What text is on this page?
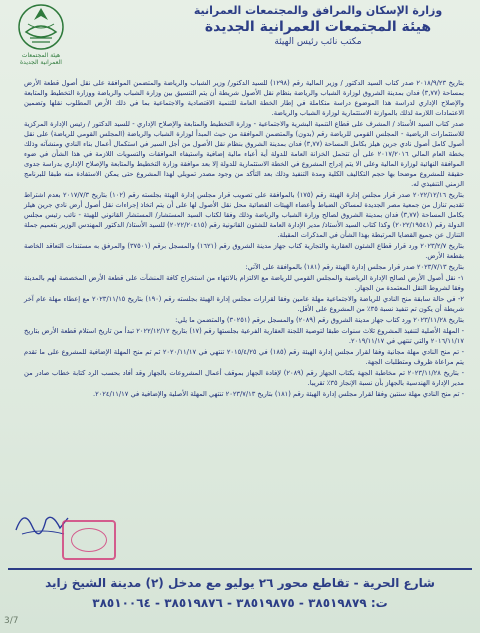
هيئة المجتمعات العمرانية الجديدة
وزارة الإسكان والمرافق والمجتمعات العمرانية
هيئة المجتمعات العمرانية الجديدة
مكتب نائب رئيس الهيئة

بتاريخ ٢٠١٨/٩/٢٣ صدر كتاب السيد الدكتور / وزير المالية رقم (١٢٩٨) للسيد الدكتور/ وزير الشباب والرياضة والمتضمن الموافقة على نقل أصول قطعة الأرض بمساحة (٣,٧٧) فدان بمدينة الشروق لوزارة الشباب والرياضة بنظام نقل الأصول شريطة أن يتم التنسيق بين وزارة الشباب والرياضة ووزارة التخطيط والمتابعة والإصلاح الإداري لدراسة هذا الموضوع دراسة متكاملة في إطار الخطة العامة للتنمية الاقتصادية والاجتماعية بما في ذلك الأرض المطلوب نقلها وتضمين الاعتمادات اللازمة لذلك بالموازنة الاستثمارية لوزارة الشباب والرياضة.

صدر كتاب السيد الأستاذ / المشرف على قطاع التنمية البشرية والاجتماعية - وزارة التخطيط والمتابعة والإصلاح الإداري - للسيد الدكتور / رئيس الإدارة المركزية للاستثمارات الرياضية - المجلس القومي للرياضة رقم (بدون) والمتضمن الموافقة من حيث المبدأ لوزارة الشباب والرياضة (المجلس القومي للرياضة) على نقل أصول كامل أصول نادي جرين هيلز بكامل المساحة (٣,٧٧) فدان بمدينة الشروق بنظام نقل الأصول من أجل السير في استكمال أعمال بناء النادي ومنشآته وذلك بخطة العام المالي ٢٠١٧/٢٠١٦ على أن تتحمل الخزانة العامة للدولة أية أعباء مالية إضافية واستيفاء الموافقات والتسويات اللازمة في هذا الشأن في ضوء الموافقة النهائية لوزارة المالية وعلى الا يتم إدراج المشروع في الخطة الاستثمارية للدولة إلا بعد موافقة وزارة التخطيط والمتابعة والإصلاح الإداري بدراسة جدوى حقيقة للمشروع موضحا بها حجم التكاليف الكلية ومدة التنفيذ وذلك بعد التأكد من وجود مصدر تمويلي لهذا المشروع حتى يمكن الاستفادة منه طبقا للبرنامج الزمني التنفيذي له.

بتاريخ ٢٠٢٢/١٢/١٦ صدر قرار مجلس إدارة الهيئة رقم (١٧٥) بالموافقة على تصويب قرار مجلس إدارة الهيئة بجلسته رقم (١٠٢) بتاريخ ٢٠١٧/٧/٣ بعدم اشتراط تقديم تنازل من جمعية مصر الجديدة لمساكن الضباط وأعضاء الهيئات القضائية محل نقل الأصول لها على أن يتم اتخاذ إجراءات نقل أصول أرض نادي جرين هيلز بكامل المساحة (٣,٧٧) فدان بمدينة الشروق لصالح وزارة الشباب والرياضة وذلك وفقا لكتاب السيد المستشار/ المستشار القانوني للهيئة - نائب رئيس مجلس الدولة رقم (٢٠٢٢/١٩٥٤١) وكذا كتاب السيد الأستاذ/ مدير الإدارة العامة للشئون القانونية رقم (٢٠٢٢/٢٠٤١٥) للسيد الأستاذ/ الدكتور المهندس الوزير بتعميم جملة التنازل عن جميع القضايا المرتبطة بهذا الشأن في المذكرات المقبلة.

بتاريخ ٢٠٢٣/٢/٧ ورد قرار قطاع الشئون العقارية والتجارية كتاب جهاز مدينة الشروق رقم (١٦٢١) والمسجل برقم (٣٧٥٠١) والمرفق به مستندات التعاقد الخاصة بقطعة الأرض.

بتاريخ ٢٠٢٣/٧/١٣ صدر قرار مجلس إدارة الهيئة رقم (١٨١) بالموافقة على الآتي:

١- نقل أصول الأرض لصالح الإدارة الرياضية والمجلس القومي للرياضة مع الالتزام بالانتهاء من استخراج كافة المنشآت على قطعة الأرض المخصصة لهم بالمدينة وفقا لشروط النقل المعتمدة من الجهاز.

٢- في حالة سابقة منح النادي للرياضة والاجتماعية مهلة عامين وفقا لقرارات مجلس إدارة الهيئة بجلسته رقم (١٩٠) بتاريخ ٢٠٢٣/١١/١٥ مع إعطاء مهلة عام آخر شريطة أن يكون تم تنفيذ نسبة ٣٥٪ من المشروع على الأقل.

بتاريخ ٢٠٢٣/١١/٢٨ ورد كتاب جهاز مدينة الشروق رقم (٢٠٨٩) والمسجل برقم (٣٠٢٥١) والمتضمن ما يلي:

- المهلة الأصلية لتنفيذ المشروع ثلاث سنوات طبقا لتوصية اللجنة العقارية الفرعية بجلستها رقم (١٧) بتاريخ ٢٠٢٢/١٢/١٢ تبدأ من تاريخ استلام قطعة الأرض بتاريخ ٢٠١٦/١١/١٧ والتي تنتهي في ٢٠١٩/١١/١٧.

- تم منح النادي مهلة مجانية وفقا لقرار مجلس إدارة الهيئة رقم (١٨٥) في ٢٠١٥/٤/٢٥ تنتهي في ٢٠٢٠/١١/١٧ ثم تم منح المهلة الإضافية للمشروع على ما تقدم يتم مراعاة ظروف ومتطلبات الجهة.

- بتاريخ ٢٠٢٣/١١/٢٨ تم مخاطبة الجهة بكتاب الجهاز رقم (٢٠٨٩) لإفادة الجهاز بموقف أعمال المشروعات بالجهاز وقد أفاد بحسب الرد كتابة خطاب صادر من مدير الإدارة الهندسية بالجهاز بأن نسبة الإنجاز ٣٥٪ تقريبا.

- تم منح النادي مهلة سنتين وفقا لقرار مجلس إدارة الهيئة رقم (١٨١) بتاريخ ٢٠٢٣/٧/١٣ تنتهي المهلة الأصلية والإضافية في ٢٠٢٤/١١/١٧.

شارع الحرية - تقاطع محور ٢٦ يوليو مع مدخل (٢) مدينة الشيخ زايد
ت: ٣٨٥١٩٨٧٩ - ٣٨٥١٩٨٧٥ - ٣٨٥١٩٨٧٦ - ٣٨٥١٠٠٦٤
3/7
